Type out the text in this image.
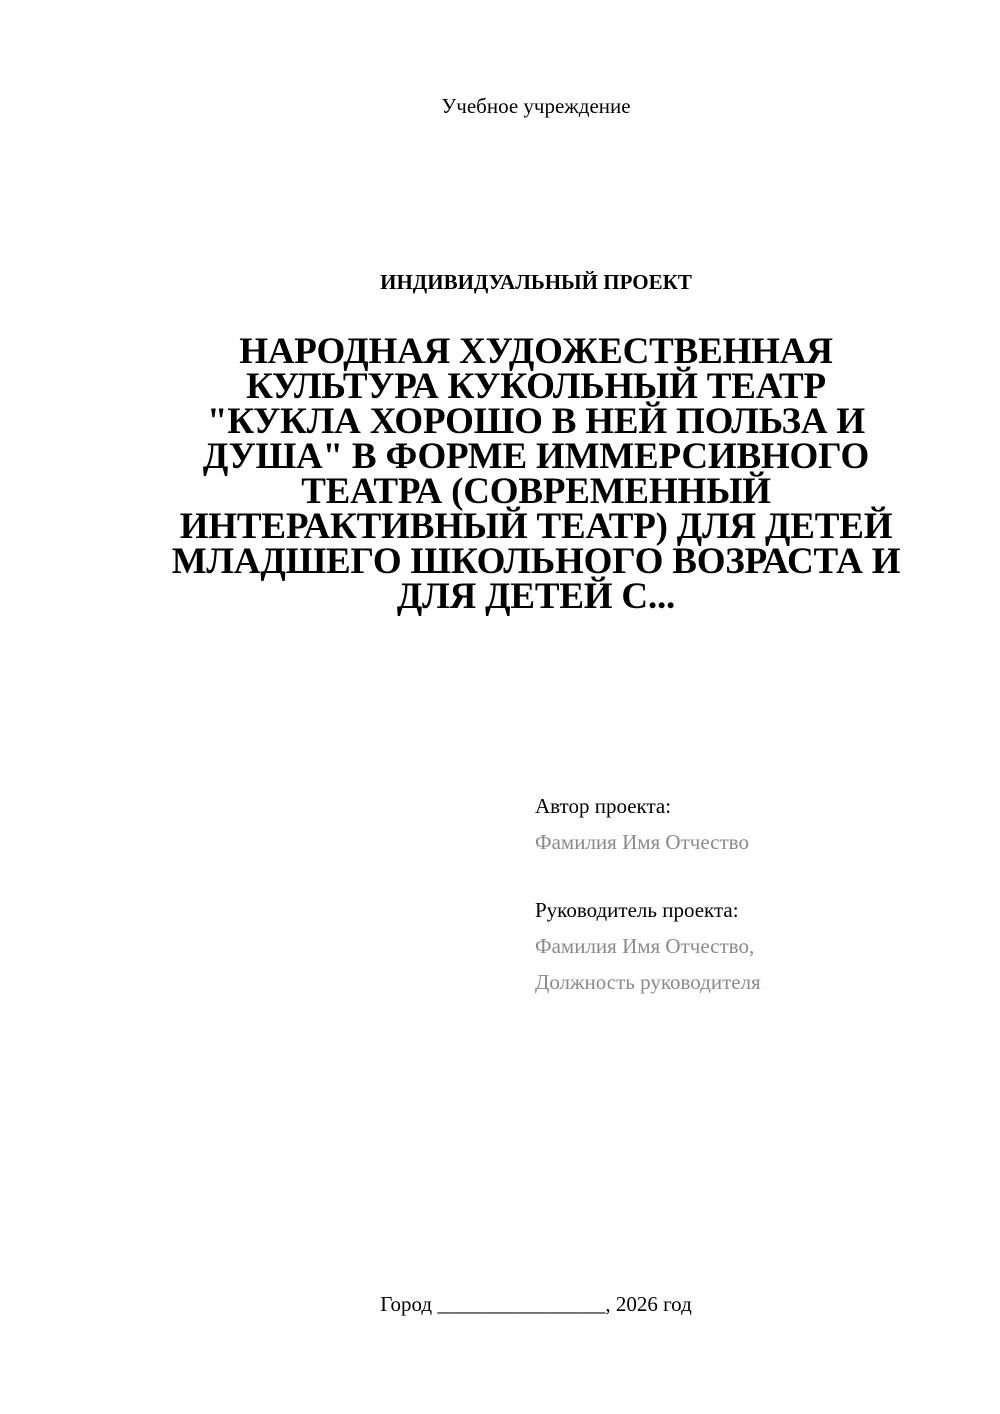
Учебное учреждение
ИНДИВИДУАЛЬНЫЙ ПРОЕКТ
НАРОДНАЯ ХУДОЖЕСТВЕННАЯ
КУЛЬТУРА КУКОЛЬНЫЙ ТЕАТР
"КУКЛА ХОРОШО В НЕЙ ПОЛЬЗА И
ДУША" В ФОРМЕ ИММЕРСИВНОГО
ТЕАТРА (СОВРЕМЕННЫЙ
ИНТЕРАКТИВНЫЙ ТЕАТР) ДЛЯ ДЕТЕЙ
МЛАДШЕГО ШКОЛЬНОГО ВОЗРАСТА И
ДЛЯ ДЕТЕЙ С...
Автор проекта:
Фамилия Имя Отчество
Руководитель проекта:
Фамилия Имя Отчество,
Должность руководителя
Город ________________, 2026 год
